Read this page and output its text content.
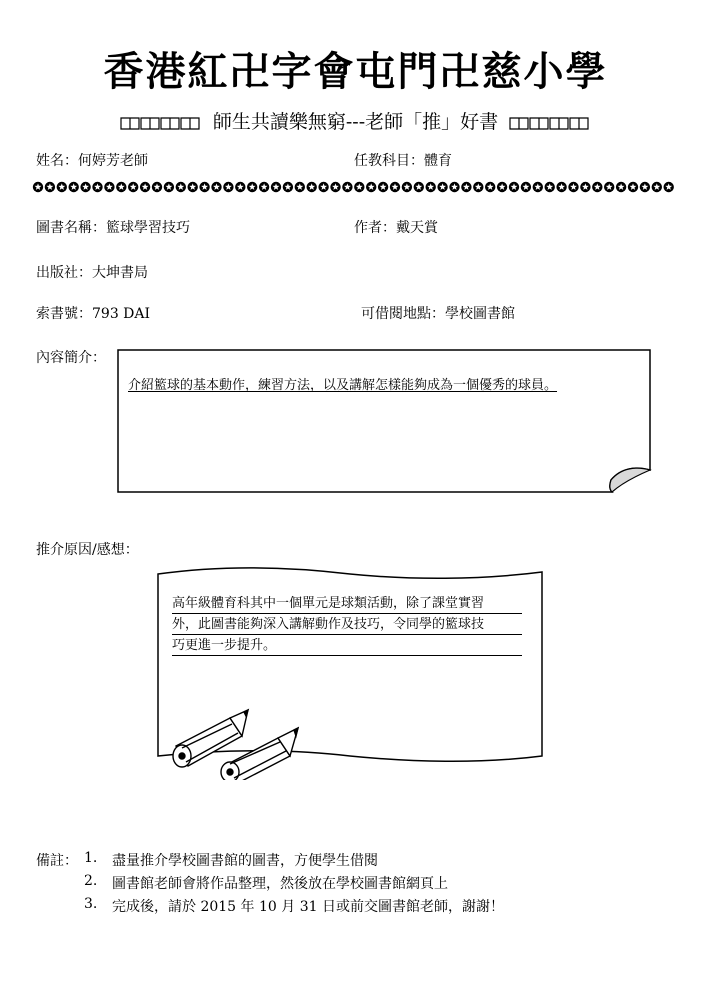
香港紅卍字會屯門卍慈小學
師生共讀樂無窮---老師「推」好書
姓名：何婷芳老師	任教科目：體育
圖書名稱：籃球學習技巧	作者：戴天賞
出版社：大坤書局
索書號：793 DAI	可借閱地點：學校圖書館
內容簡介：
介紹籃球的基本動作，練習方法，以及講解怎樣能夠成為一個優秀的球員。
推介原因/感想：
高年級體育科其中一個單元是球類活動，除了課堂實習
外，此圖書能夠深入講解動作及技巧，令同學的籃球技
巧更進一步提升。
備註： 1. 盡量推介學校圖書館的圖書，方便學生借閱
2. 圖書館老師會將作品整理，然後放在學校圖書館網頁上
3. 完成後，請於 2015 年 10 月 31 日或前交圖書館老師，謝謝！
